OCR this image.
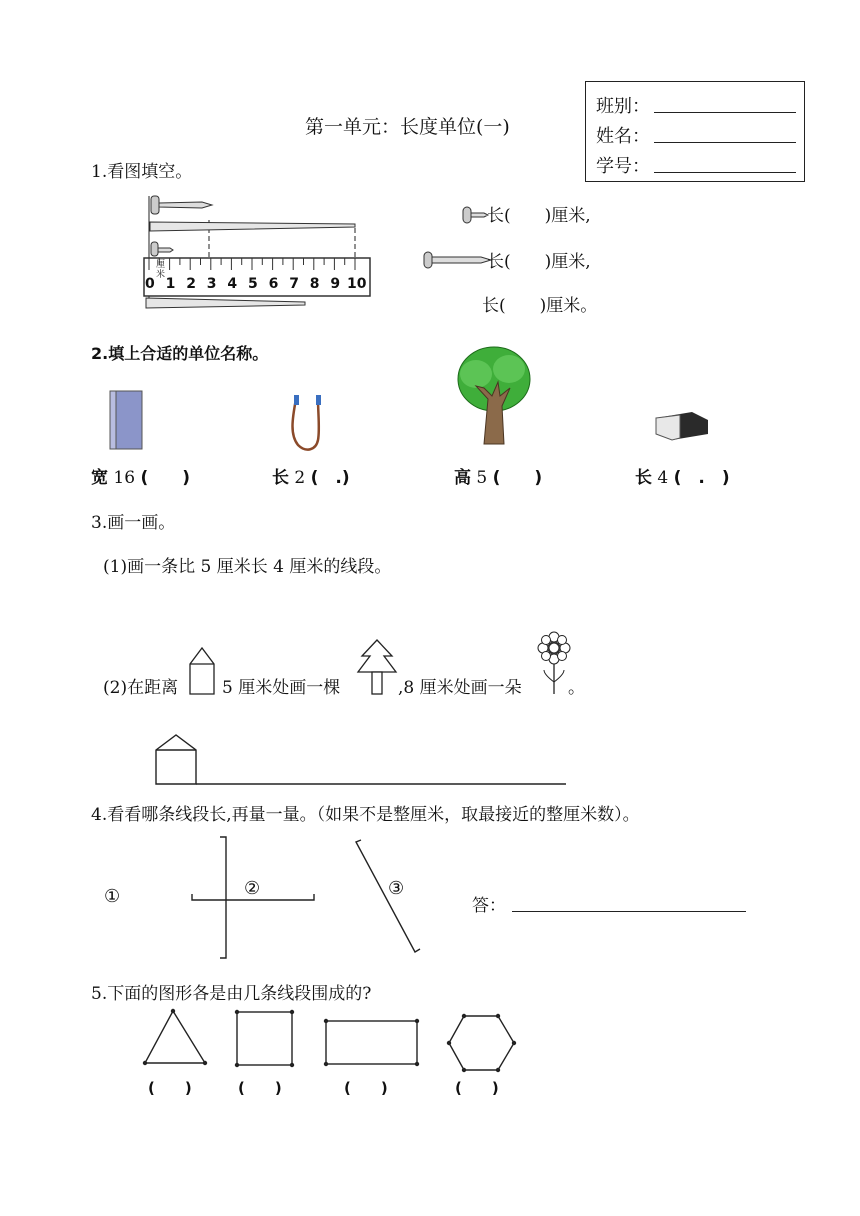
第一单元：长度单位(一)
班别：
姓名：
学号：
1.看图填空。
0 1 2 3 4 5 6 7 8 9 10
厘米
长(　　)厘米,
长(　　)厘米,
长(　　)厘米。
2.填上合适的单位名称。
宽 16 (　　)	长 2 (　.)	高 5 (　　)	长 4 (　.　)
3.画一画。
(1)画一条比 5 厘米长 4 厘米的线段。
(2)在距离	5 厘米处画一棵	,8 厘米处画一朵	。
4.看看哪条线段长,再量一量。（如果不是整厘米，取最接近的整厘米数）。
①	②	③
答：
5.下面的图形各是由几条线段围成的?
(　　)	(　　)	(　　)	(　　)
